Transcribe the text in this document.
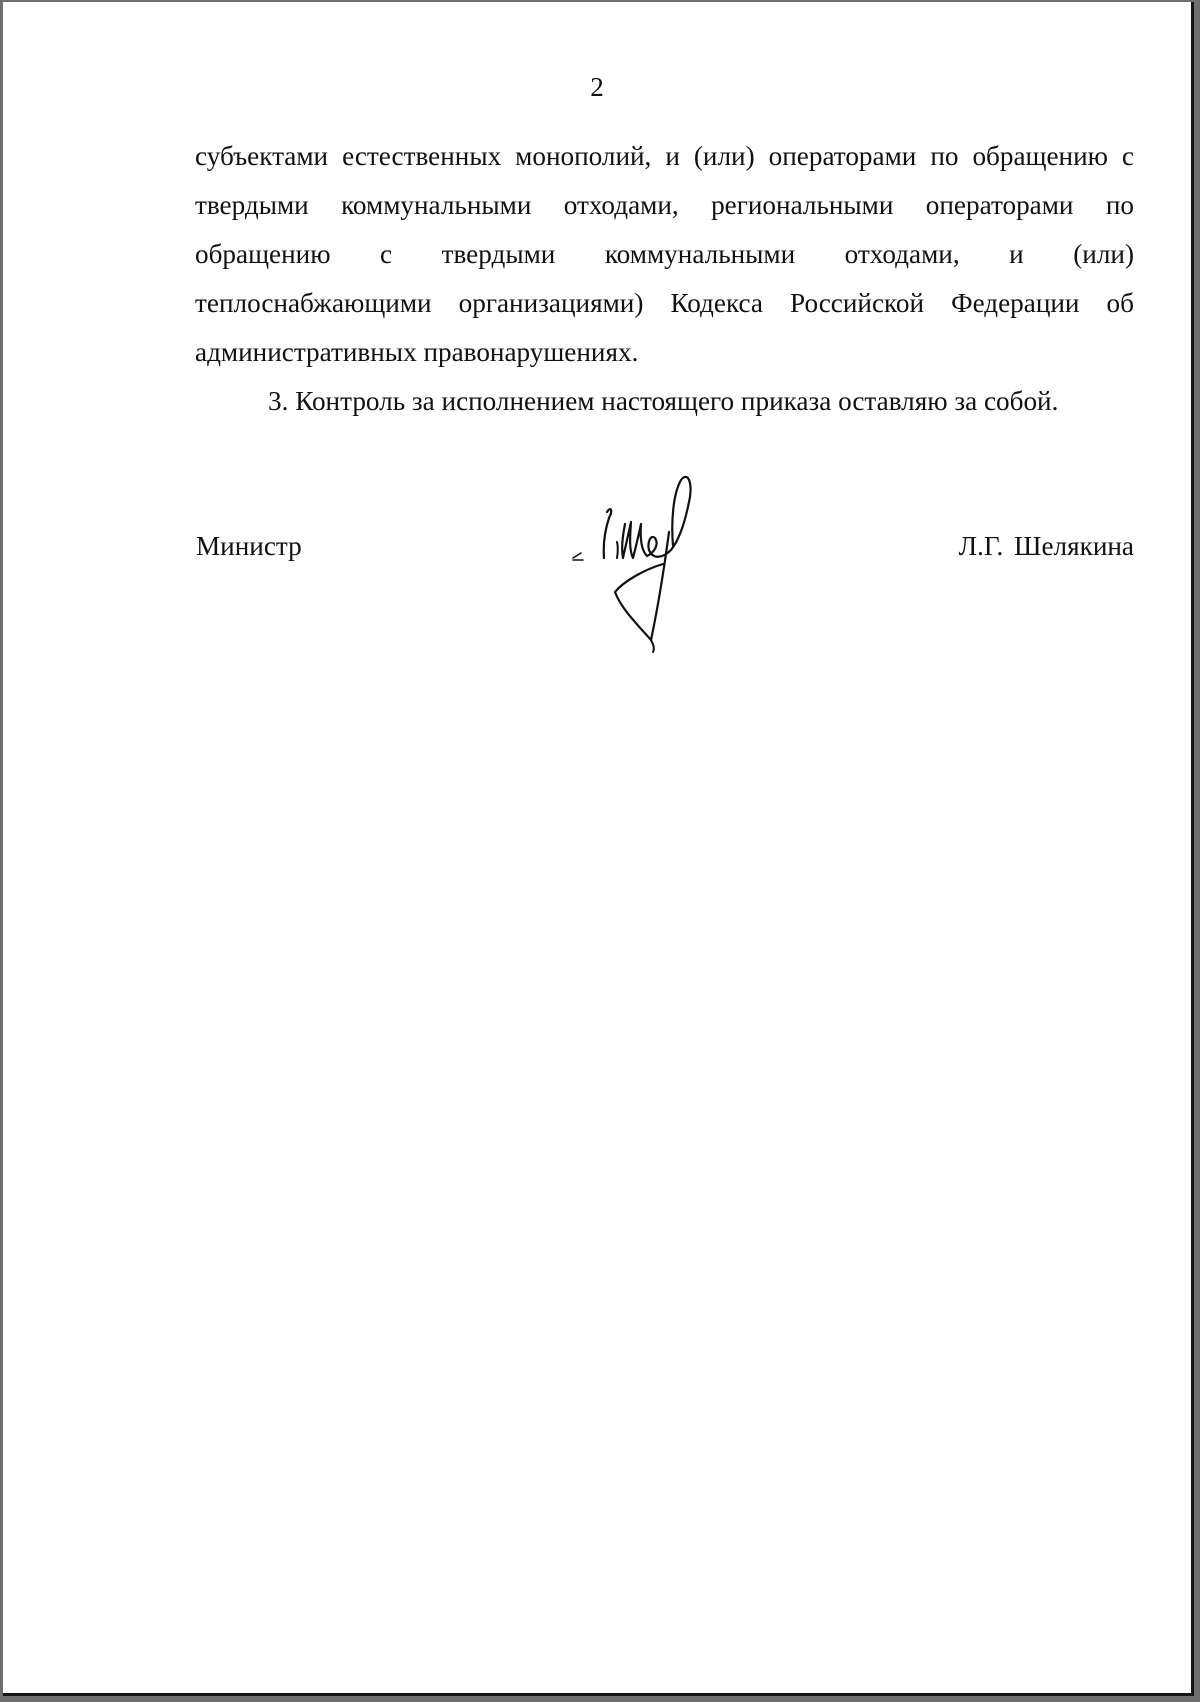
2
субъектами естественных монополий, и (или) операторами по обращению с
твердыми коммунальными отходами, региональными операторами по
обращению с твердыми коммунальными отходами, и (или)
теплоснабжающими организациями) Кодекса Российской Федерации об
административных правонарушениях.
3. Контроль за исполнением настоящего приказа оставляю за собой.
Министр	Л.Г. Шелякина
